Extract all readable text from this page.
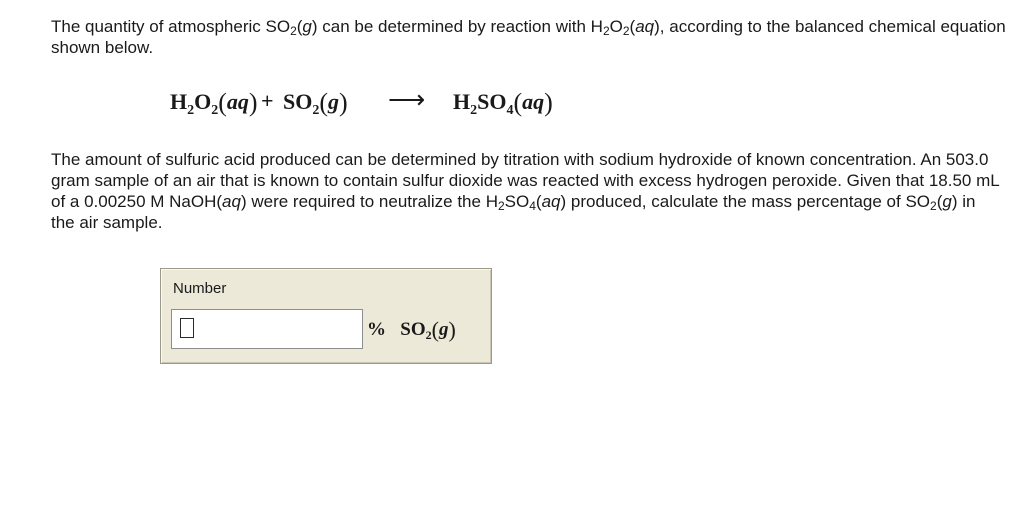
The quantity of atmospheric $SO_2(g)$ can be determined by reaction with $H_2O_2(aq)$, according to the balanced chemical equation shown below.

$H_2O_2(aq) + SO_2(g)$ ⟶ $H_2SO_4(aq)$

The amount of sulfuric acid produced can be determined by titration with sodium hydroxide of known concentration. An 503.0 gram sample of an air that is known to contain sulfur dioxide was reacted with excess hydrogen peroxide. Given that 18.50 mL of a 0.00250 M NaOH(aq) were required to neutralize the $H_2SO_4(aq)$ produced, calculate the mass percentage of $SO_2(g)$ in the air sample.

Number
% $SO_2(g)$
